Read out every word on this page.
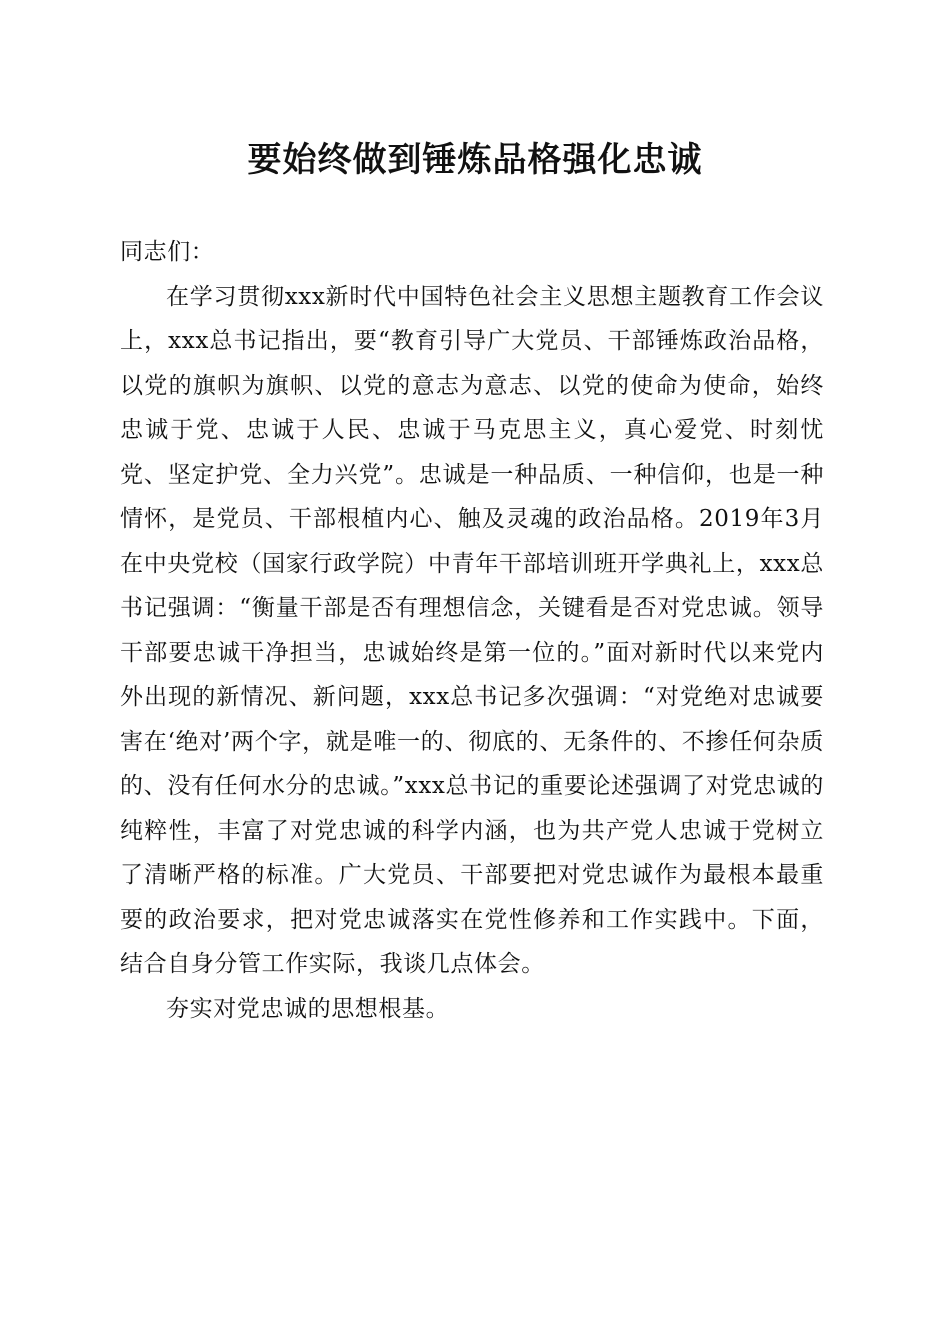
要始终做到锤炼品格强化忠诚

同志们：

在学习贯彻xxx新时代中国特色社会主义思想主题教育工作会议上，xxx总书记指出，要“教育引导广大党员、干部锤炼政治品格，以党的旗帜为旗帜、以党的意志为意志、以党的使命为使命，始终忠诚于党、忠诚于人民、忠诚于马克思主义，真心爱党、时刻忧党、坚定护党、全力兴党”。忠诚是一种品质、一种信仰，也是一种情怀，是党员、干部根植内心、触及灵魂的政治品格。2019年3月在中央党校（国家行政学院）中青年干部培训班开学典礼上，xxx总书记强调：“衡量干部是否有理想信念，关键看是否对党忠诚。领导干部要忠诚干净担当，忠诚始终是第一位的。”面对新时代以来党内外出现的新情况、新问题，xxx总书记多次强调：“对党绝对忠诚要害在‘绝对’两个字，就是唯一的、彻底的、无条件的、不掺任何杂质的、没有任何水分的忠诚。”xxx总书记的重要论述强调了对党忠诚的纯粹性，丰富了对党忠诚的科学内涵，也为共产党人忠诚于党树立了清晰严格的标准。广大党员、干部要把对党忠诚作为最根本最重要的政治要求，把对党忠诚落实在党性修养和工作实践中。下面，结合自身分管工作实际，我谈几点体会。

夯实对党忠诚的思想根基。
